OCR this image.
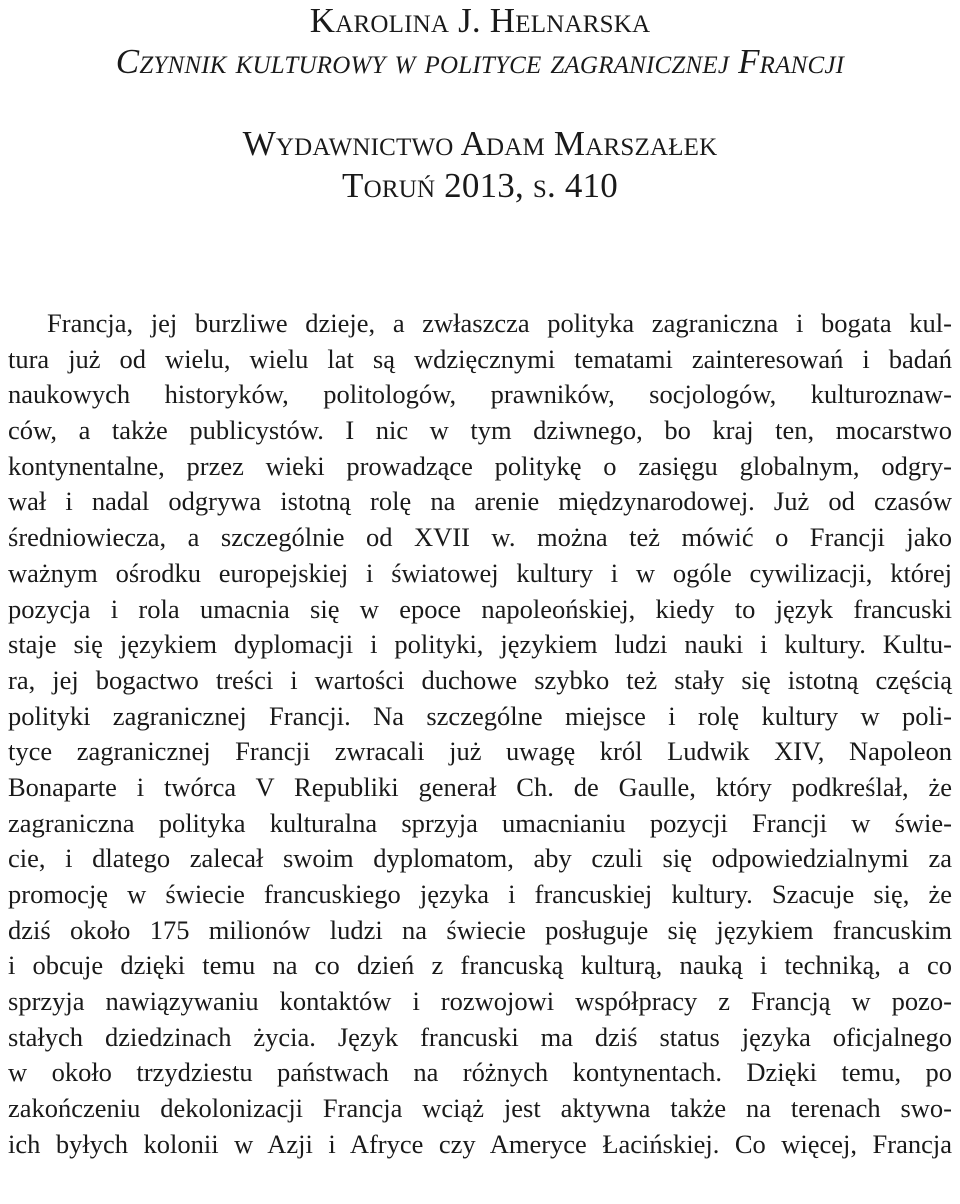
Karolina J. Helnarska
Czynnik kulturowy w polityce zagranicznej Francji
Wydawnictwo Adam Marszałek
Toruń 2013, s. 410
Francja, jej burzliwe dzieje, a zwłaszcza polityka zagraniczna i bogata kul-
tura już od wielu, wielu lat są wdzięcznymi tematami zainteresowań i badań
naukowych historyków, politologów, prawników, socjologów, kulturoznaw-
ców, a także publicystów. I nic w tym dziwnego, bo kraj ten, mocarstwo
kontynentalne, przez wieki prowadzące politykę o zasięgu globalnym, odgry-
wał i nadal odgrywa istotną rolę na arenie międzynarodowej. Już od czasów
średniowiecza, a szczególnie od XVII w. można też mówić o Francji jako
ważnym ośrodku europejskiej i światowej kultury i w ogóle cywilizacji, której
pozycja i rola umacnia się w epoce napoleońskiej, kiedy to język francuski
staje się językiem dyplomacji i polityki, językiem ludzi nauki i kultury. Kultu-
ra, jej bogactwo treści i wartości duchowe szybko też stały się istotną częścią
polityki zagranicznej Francji. Na szczególne miejsce i rolę kultury w poli-
tyce zagranicznej Francji zwracali już uwagę król Ludwik XIV, Napoleon
Bonaparte i twórca V Republiki generał Ch. de Gaulle, który podkreślał, że
zagraniczna polityka kulturalna sprzyja umacnianiu pozycji Francji w świe-
cie, i dlatego zalecał swoim dyplomatom, aby czuli się odpowiedzialnymi za
promocję w świecie francuskiego języka i francuskiej kultury. Szacuje się, że
dziś około 175 milionów ludzi na świecie posługuje się językiem francuskim
i obcuje dzięki temu na co dzień z francuską kulturą, nauką i techniką, a co
sprzyja nawiązywaniu kontaktów i rozwojowi współpracy z Francją w pozo-
stałych dziedzinach życia. Język francuski ma dziś status języka oficjalnego
w około trzydziestu państwach na różnych kontynentach. Dzięki temu, po
zakończeniu dekolonizacji Francja wciąż jest aktywna także na terenach swo-
ich byłych kolonii w Azji i Afryce czy Ameryce Łacińskiej. Co więcej, Francja
